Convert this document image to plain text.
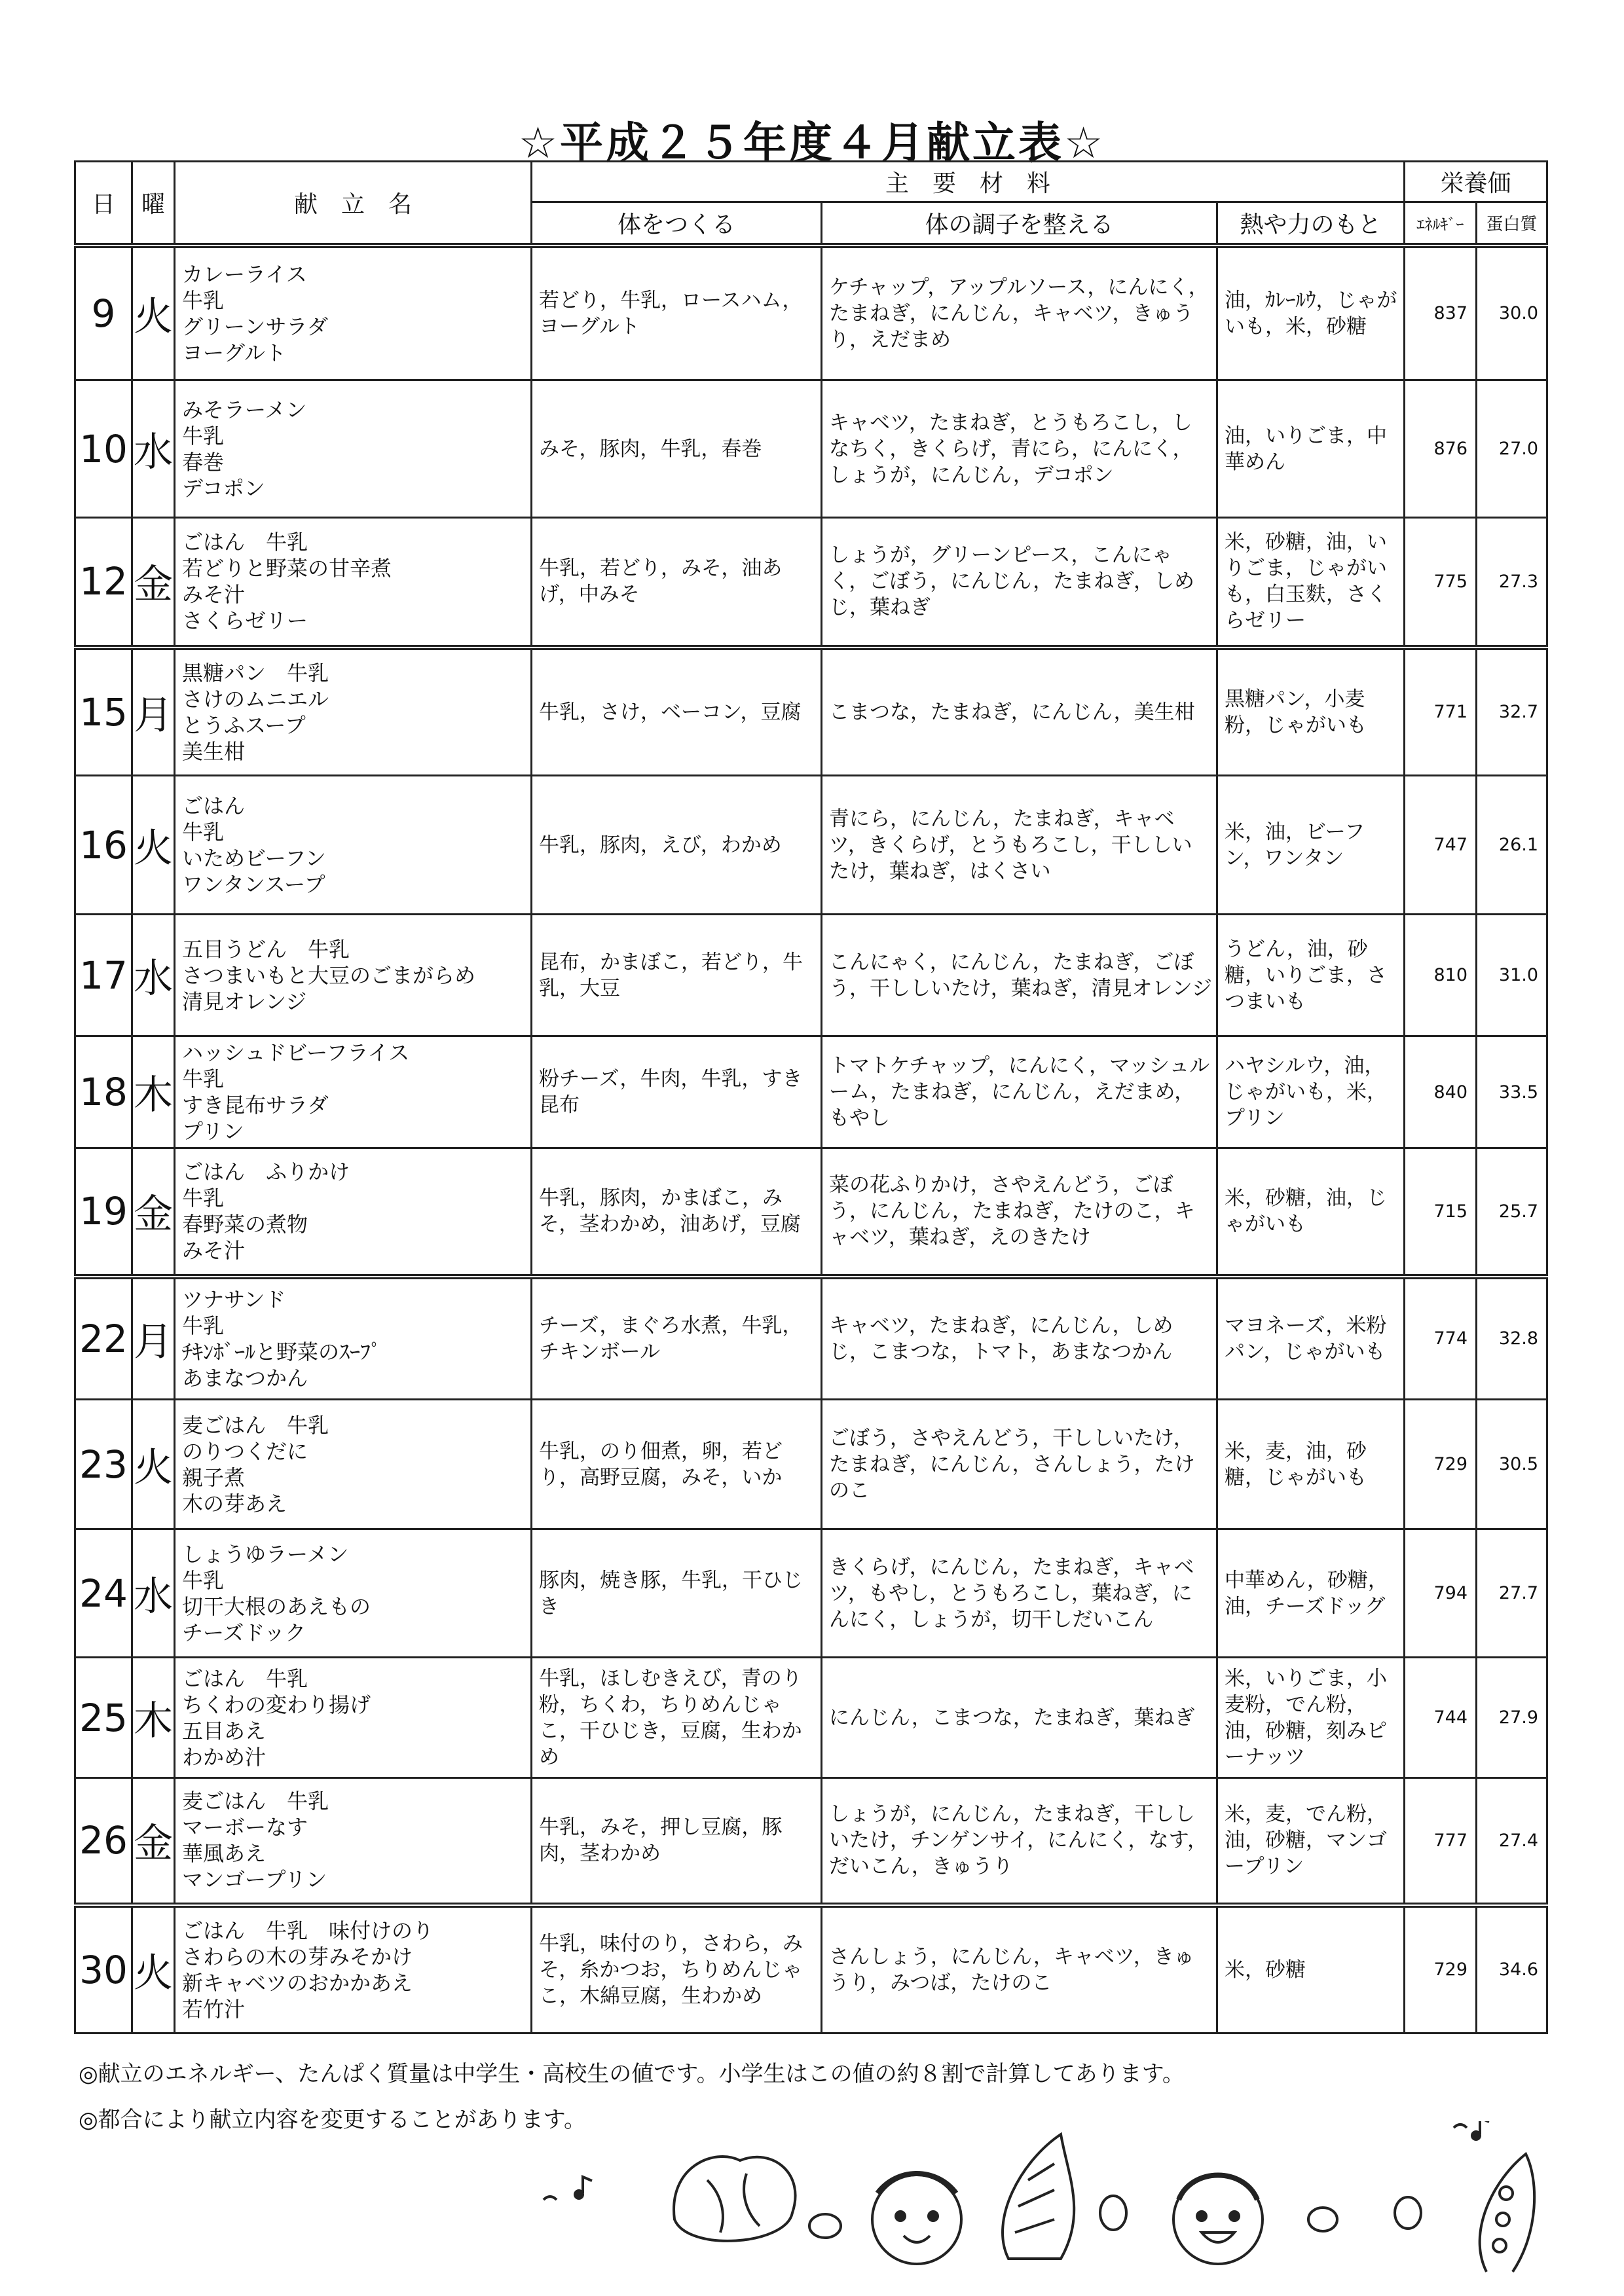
☆平成２５年度４月献立表☆
日	曜	献　立　名	主　要　材　料			栄養価	
			体をつくる	体の調子を整える	熱や力のもと	ｴﾈﾙｷﾞｰ	蛋白質
9	火	カレーライス
牛乳
グリーンサラダ
ヨーグルト	若どり，牛乳，ロースハム，ヨーグルト	ケチャップ，アップルソース，にんにく，たまねぎ，にんじん，キャベツ，きゅうり，えだまめ	油，ｶﾚｰﾙｳ，じゃがいも，米，砂糖	837	30.0
10	水	みそラーメン
牛乳
春巻
デコポン	みそ，豚肉，牛乳，春巻	キャベツ，たまねぎ，とうもろこし，しなちく，きくらげ，青にら，にんにく，しょうが，にんじん，デコポン	油，いりごま，中華めん	876	27.0
12	金	ごはん　牛乳
若どりと野菜の甘辛煮
みそ汁
さくらゼリー	牛乳，若どり，みそ，油あげ，中みそ	しょうが，グリーンピース，こんにゃく，ごぼう，にんじん，たまねぎ，しめじ，葉ねぎ	米，砂糖，油，いりごま，じゃがいも，白玉麩，さくらゼリー	775	27.3
15	月	黒糖パン　牛乳
さけのムニエル
とうふスープ
美生柑	牛乳，さけ，ベーコン，豆腐	こまつな，たまねぎ，にんじん，美生柑	黒糖パン，小麦粉，じゃがいも	771	32.7
16	火	ごはん
牛乳
いためビーフン
ワンタンスープ	牛乳，豚肉，えび，わかめ	青にら，にんじん，たまねぎ，キャベツ，きくらげ，とうもろこし，干ししいたけ，葉ねぎ，はくさい	米，油，ビーフン，ワンタン	747	26.1
17	水	五目うどん　牛乳
さつまいもと大豆のごまがらめ
清見オレンジ	昆布，かまぼこ，若どり，牛乳，大豆	こんにゃく，にんじん，たまねぎ，ごぼう，干ししいたけ，葉ねぎ，清見オレンジ	うどん，油，砂糖，いりごま，さつまいも	810	31.0
18	木	ハッシュドビーフライス
牛乳
すき昆布サラダ
プリン	粉チーズ，牛肉，牛乳，すき昆布	トマトケチャップ，にんにく，マッシュルーム，たまねぎ，にんじん，えだまめ，もやし	ハヤシルウ，油，じゃがいも，米，プリン	840	33.5
19	金	ごはん　ふりかけ
牛乳
春野菜の煮物
みそ汁	牛乳，豚肉，かまぼこ，みそ，茎わかめ，油あげ，豆腐	菜の花ふりかけ，さやえんどう，ごぼう，にんじん，たまねぎ，たけのこ，キャベツ，葉ねぎ，えのきたけ	米，砂糖，油，じゃがいも	715	25.7
22	月	ツナサンド
牛乳
ﾁｷﾝﾎﾞｰﾙと野菜のｽｰﾌﾟ
あまなつかん	チーズ，まぐろ水煮，牛乳，チキンボール	キャベツ，たまねぎ，にんじん，しめじ，こまつな，トマト，あまなつかん	マヨネーズ，米粉パン，じゃがいも	774	32.8
23	火	麦ごはん　牛乳
のりつくだに
親子煮
木の芽あえ	牛乳，のり佃煮，卵，若どり，高野豆腐，みそ，いか	ごぼう，さやえんどう，干ししいたけ，たまねぎ，にんじん，さんしょう，たけのこ	米，麦，油，砂糖，じゃがいも	729	30.5
24	水	しょうゆラーメン
牛乳
切干大根のあえもの
チーズドック	豚肉，焼き豚，牛乳，干ひじき	きくらげ，にんじん，たまねぎ，キャベツ，もやし，とうもろこし，葉ねぎ，にんにく，しょうが，切干しだいこん	中華めん，砂糖，油，チーズドッグ	794	27.7
25	木	ごはん　牛乳
ちくわの変わり揚げ
五目あえ
わかめ汁	牛乳，ほしむきえび，青のり粉，ちくわ，ちりめんじゃこ，干ひじき，豆腐，生わかめ	にんじん，こまつな，たまねぎ，葉ねぎ	米，いりごま，小麦粉，でん粉，油，砂糖，刻みピーナッツ	744	27.9
26	金	麦ごはん　牛乳
マーボーなす
華風あえ
マンゴープリン	牛乳，みそ，押し豆腐，豚肉，茎わかめ	しょうが，にんじん，たまねぎ，干ししいたけ，チンゲンサイ，にんにく，なす，だいこん，きゅうり	米，麦，でん粉，油，砂糖，マンゴープリン	777	27.4
30	火	ごはん　牛乳　味付けのり
さわらの木の芽みそかけ
新キャベツのおかかあえ
若竹汁	牛乳，味付のり，さわら，みそ，糸かつお，ちりめんじゃこ，木綿豆腐，生わかめ	さんしょう，にんじん，キャベツ，きゅうり，みつば，たけのこ	米，砂糖	729	34.6
◎献立のエネルギー、たんぱく質量は中学生・高校生の値です。小学生はこの値の約８割で計算してあります。
◎都合により献立内容を変更することがあります。
